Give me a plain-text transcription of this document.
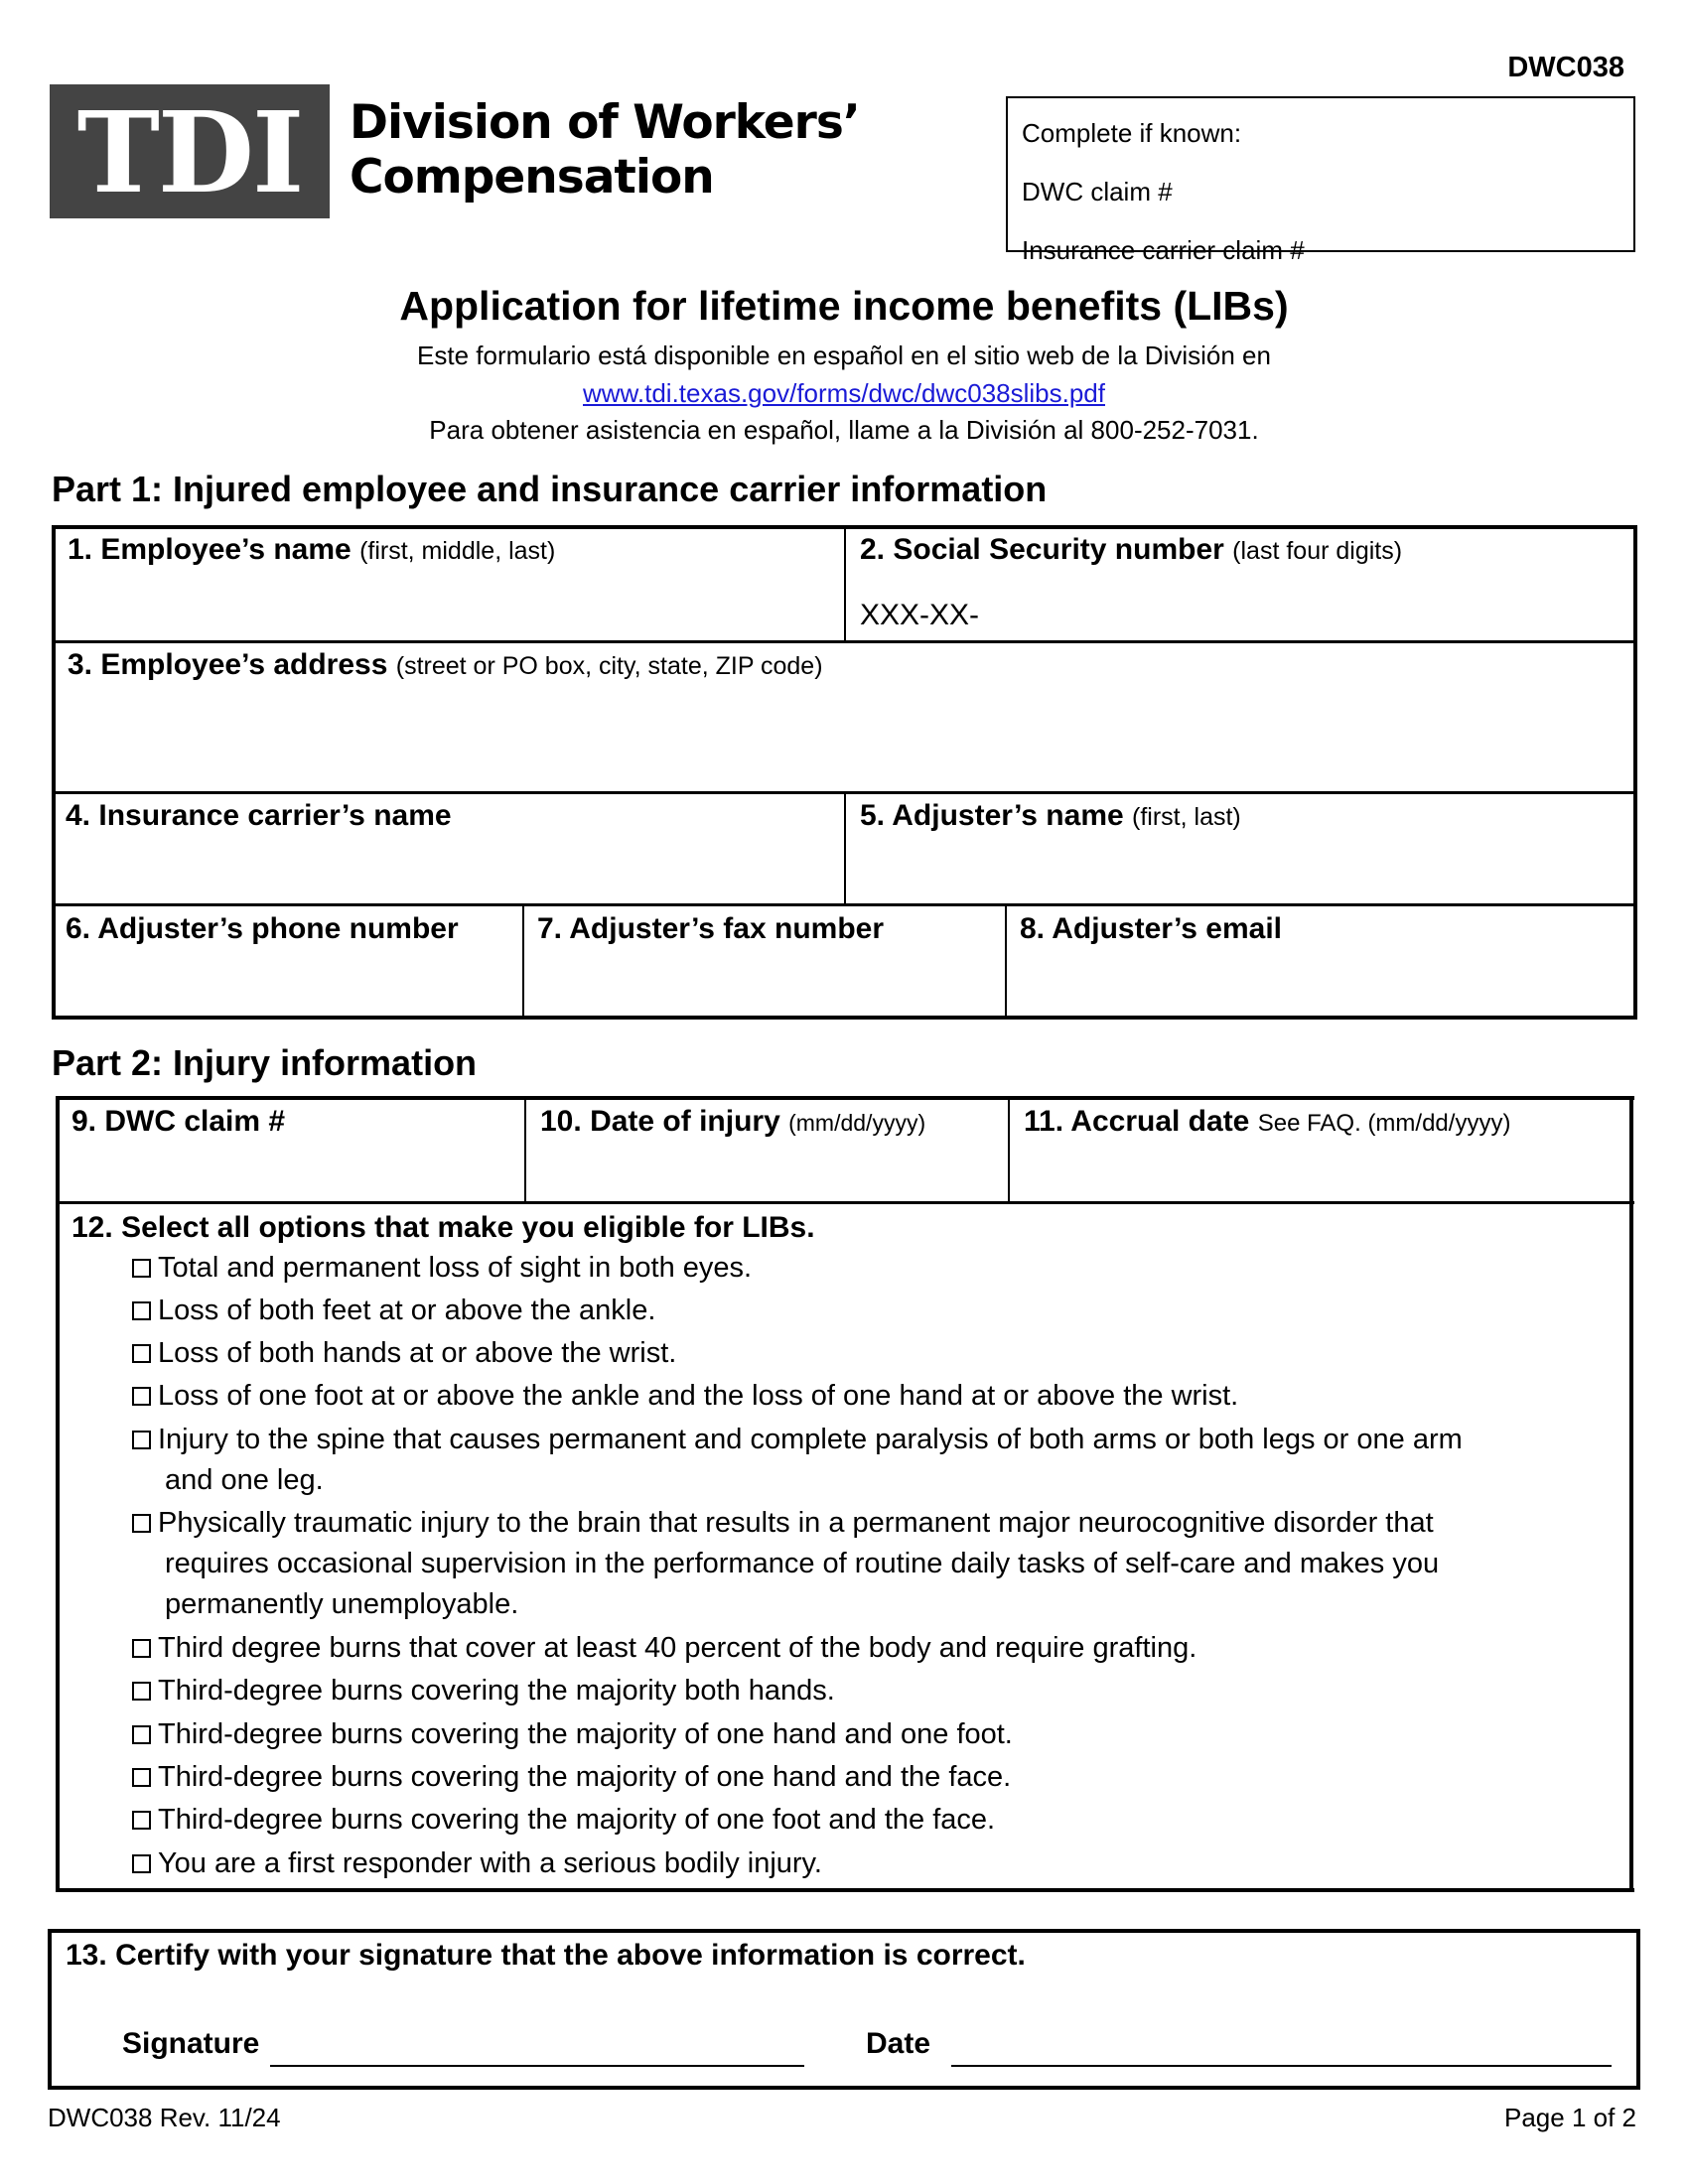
DWC038
TDI Division of Workers’
Compensation
Complete if known:
DWC claim #
Insurance carrier claim #
Application for lifetime income benefits (LIBs)
Este formulario está disponible en español en el sitio web de la División en
www.tdi.texas.gov/forms/dwc/dwc038slibs.pdf
Para obtener asistencia en español, llame a la División al 800-252-7031.
Part 1: Injured employee and insurance carrier information
1. Employee’s name (first, middle, last)	2. Social Security number (last four digits)
XXX-XX-
3. Employee’s address (street or PO box, city, state, ZIP code)
4. Insurance carrier’s name	5. Adjuster’s name (first, last)
6. Adjuster’s phone number	7. Adjuster’s fax number	8. Adjuster’s email
Part 2: Injury information
9. DWC claim #	10. Date of injury (mm/dd/yyyy)	11. Accrual date See FAQ. (mm/dd/yyyy)
12. Select all options that make you eligible for LIBs.
Total and permanent loss of sight in both eyes.
Loss of both feet at or above the ankle.
Loss of both hands at or above the wrist.
Loss of one foot at or above the ankle and the loss of one hand at or above the wrist.
Injury to the spine that causes permanent and complete paralysis of both arms or both legs or one arm
and one leg.
Physically traumatic injury to the brain that results in a permanent major neurocognitive disorder that
requires occasional supervision in the performance of routine daily tasks of self-care and makes you
permanently unemployable.
Third degree burns that cover at least 40 percent of the body and require grafting.
Third-degree burns covering the majority both hands.
Third-degree burns covering the majority of one hand and one foot.
Third-degree burns covering the majority of one hand and the face.
Third-degree burns covering the majority of one foot and the face.
You are a first responder with a serious bodily injury.
13. Certify with your signature that the above information is correct.
Signature	Date
DWC038 Rev. 11/24	Page 1 of 2
